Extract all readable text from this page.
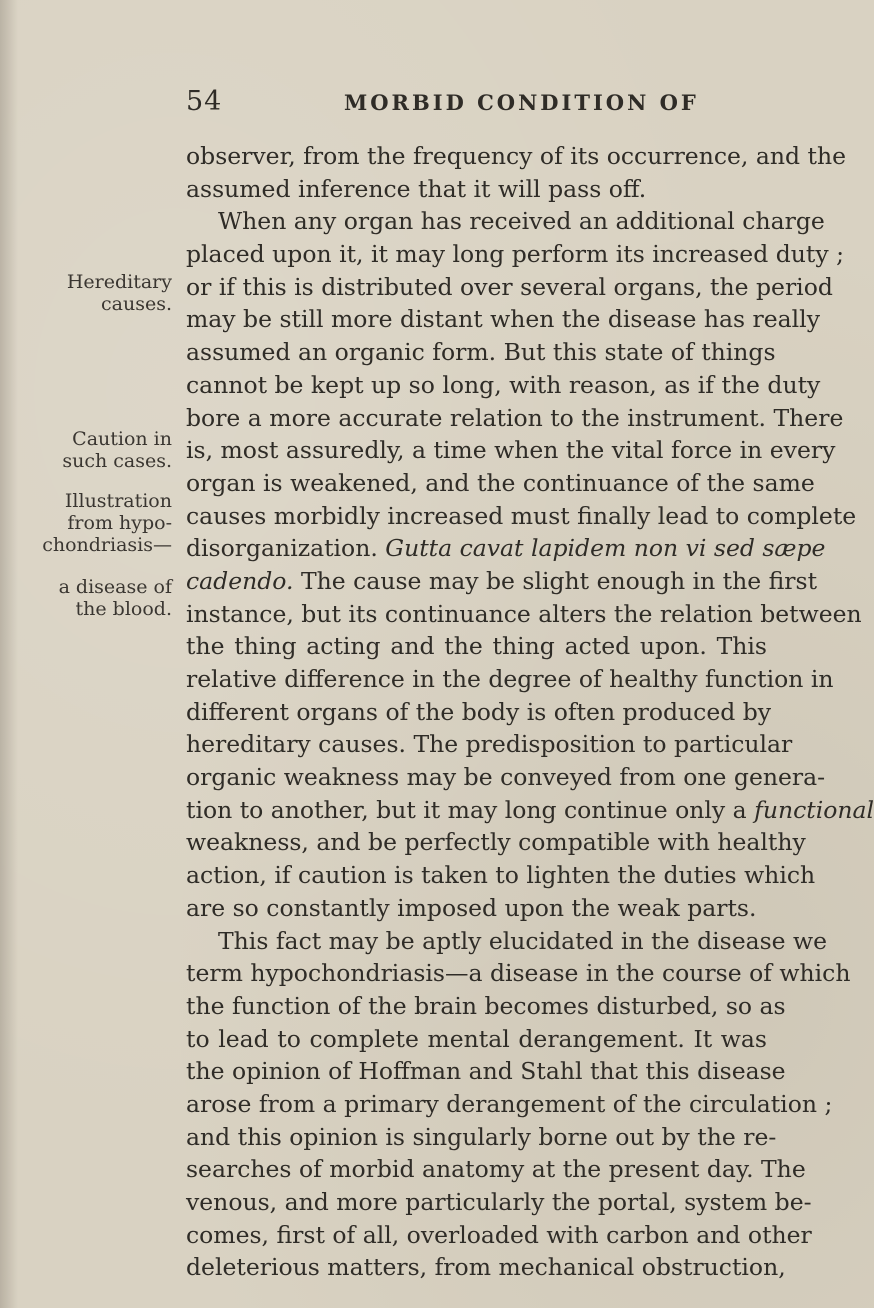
54	MORBID CONDITION OF
Hereditary
causes.
Caution in
such cases.
Illustration
from hypo-
chondriasis—
a disease of
the blood.
observer, from the frequency of its occurrence, and the
assumed inference that it will pass off.
When any organ has received an additional charge
placed upon it, it may long perform its increased duty ;
or if this is distributed over several organs, the period
may be still more distant when the disease has really
assumed an organic form. But this state of things
cannot be kept up so long, with reason, as if the duty
bore a more accurate relation to the instrument. There
is, most assuredly, a time when the vital force in every
organ is weakened, and the continuance of the same
causes morbidly increased must finally lead to complete
disorganization. Gutta cavat lapidem non vi sed sæpe
cadendo. The cause may be slight enough in the first
instance, but its continuance alters the relation between
the thing acting and the thing acted upon. This
relative difference in the degree of healthy function in
different organs of the body is often produced by
hereditary causes. The predisposition to particular
organic weakness may be conveyed from one genera-
tion to another, but it may long continue only a functional
weakness, and be perfectly compatible with healthy
action, if caution is taken to lighten the duties which
are so constantly imposed upon the weak parts.
This fact may be aptly elucidated in the disease we
term hypochondriasis—a disease in the course of which
the function of the brain becomes disturbed, so as
to lead to complete mental derangement. It was
the opinion of Hoffman and Stahl that this disease
arose from a primary derangement of the circulation ;
and this opinion is singularly borne out by the re-
searches of morbid anatomy at the present day. The
venous, and more particularly the portal, system be-
comes, first of all, overloaded with carbon and other
deleterious matters, from mechanical obstruction,
